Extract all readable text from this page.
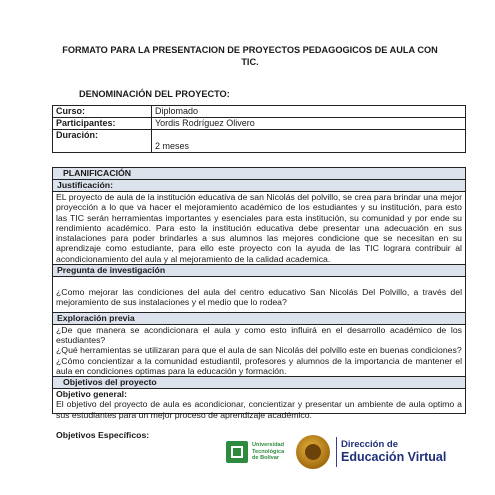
FORMATO PARA LA PRESENTACION DE PROYECTOS PEDAGOGICOS DE AULA CON TIC.
DENOMINACIÓN DEL PROYECTO:
Curso:	Diplomado
Participantes:	Yordis Rodríguez Olivero
Duración:	2 meses
PLANIFICACIÓN
Justificación:

EL proyecto de aula de la institución educativa de san Nicolás del polvillo, se crea para brindar una mejor proyección a lo que va hacer el mejoramiento académico de los estudiantes y su institución, para esto las TIC serán herramientas importantes y esenciales para esta institución, su comunidad y por ende su rendimiento académico. Para esto la institución educativa debe presentar una adecuación en sus instalaciones para poder brindarles a sus alumnos las mejores condicione que se necesitan en su aprendizaje como estudiante, para ello este proyecto con la ayuda de las TIC lograra contribuir al acondicionamiento del aula y al mejoramiento de la calidad academica.

Pregunta de investigación

¿Como mejorar las condiciones del aula del centro educativo San Nicolás Del Polvillo, a través del mejoramiento de sus instalaciones y el medio que lo rodea?

Exploración previa

¿De que manera se acondicionara el aula y como esto influirá en el desarrollo académico de los estudiantes?

¿Qué herramientas se utilizaran para que el aula de san Nicolás del polvillo este en buenas condiciones?

¿Cómo concientizar a la comunidad estudiantil, profesores y alumnos de la importancia de mantener el aula en condiciones optimas para la educación y formación.

Objetivos del proyecto

Objetivo general:

El objetivo del proyecto de aula es acondicionar, concientizar y presentar un ambiente de aula optimo a sus estudiantes para un mejor proceso de aprendizaje académico.

Objetivos Específicos:

Universidad
Tecnológica
de Bolívar
Dirección de
Educación Virtual
